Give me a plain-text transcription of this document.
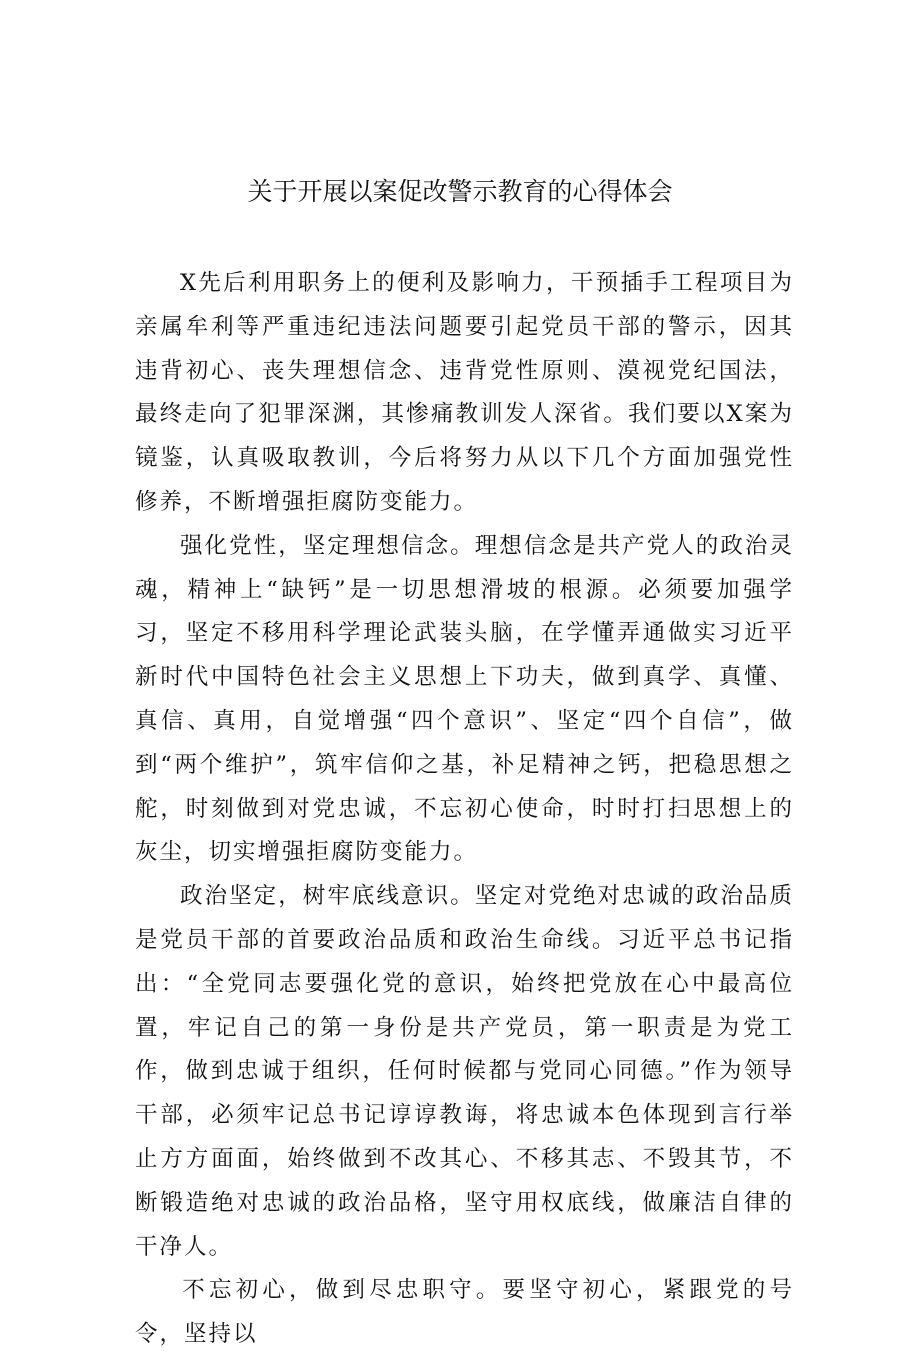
关于开展以案促改警示教育的心得体会

X先后利用职务上的便利及影响力，干预插手工程项目为亲属牟利等严重违纪违法问题要引起党员干部的警示，因其违背初心、丧失理想信念、违背党性原则、漠视党纪国法，最终走向了犯罪深渊，其惨痛教训发人深省。我们要以X案为镜鉴，认真吸取教训，今后将努力从以下几个方面加强党性修养，不断增强拒腐防变能力。

强化党性，坚定理想信念。理想信念是共产党人的政治灵魂，精神上“缺钙”是一切思想滑坡的根源。必须要加强学习，坚定不移用科学理论武装头脑，在学懂弄通做实习近平新时代中国特色社会主义思想上下功夫，做到真学、真懂、真信、真用，自觉增强“四个意识”、坚定“四个自信”，做到“两个维护”，筑牢信仰之基，补足精神之钙，把稳思想之舵，时刻做到对党忠诚，不忘初心使命，时时打扫思想上的灰尘，切实增强拒腐防变能力。

政治坚定，树牢底线意识。坚定对党绝对忠诚的政治品质是党员干部的首要政治品质和政治生命线。习近平总书记指出：“全党同志要强化党的意识，始终把党放在心中最高位置，牢记自己的第一身份是共产党员，第一职责是为党工作，做到忠诚于组织，任何时候都与党同心同德。”作为领导干部，必须牢记总书记谆谆教诲，将忠诚本色体现到言行举止方方面面，始终做到不改其心、不移其志、不毁其节，不断锻造绝对忠诚的政治品格，坚守用权底线，做廉洁自律的干净人。

不忘初心，做到尽忠职守。要坚守初心，紧跟党的号令，坚持以
